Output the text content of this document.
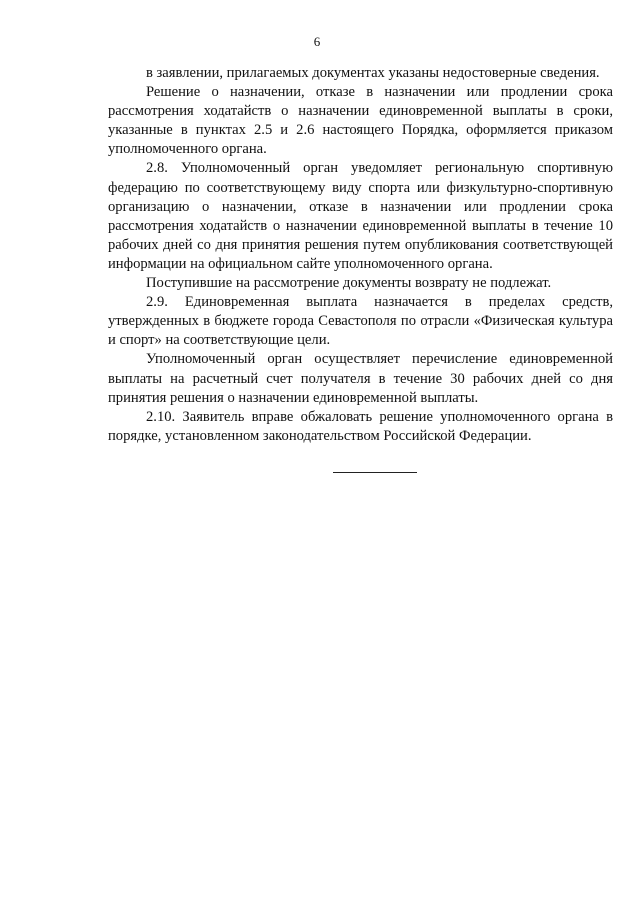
6

в заявлении, прилагаемых документах указаны недостоверные сведения.

Решение о назначении, отказе в назначении или продлении срока рассмотрения ходатайств о назначении единовременной выплаты в сроки, указанные в пунктах 2.5 и 2.6 настоящего Порядка, оформляется приказом уполномоченного органа.

2.8. Уполномоченный орган уведомляет региональную спортивную федерацию по соответствующему виду спорта или физкультурно-спортивную организацию о назначении, отказе в назначении или продлении срока рассмотрения ходатайств о назначении единовременной выплаты в течение 10 рабочих дней со дня принятия решения путем опубликования соответствующей информации на официальном сайте уполномоченного органа.

Поступившие на рассмотрение документы возврату не подлежат.

2.9. Единовременная выплата назначается в пределах средств, утвержденных в бюджете города Севастополя по отрасли «Физическая культура и спорт» на соответствующие цели.

Уполномоченный орган осуществляет перечисление единовременной выплаты на расчетный счет получателя в течение 30 рабочих дней со дня принятия решения о назначении единовременной выплаты.

2.10. Заявитель вправе обжаловать решение уполномоченного органа в порядке, установленном законодательством Российской Федерации.
